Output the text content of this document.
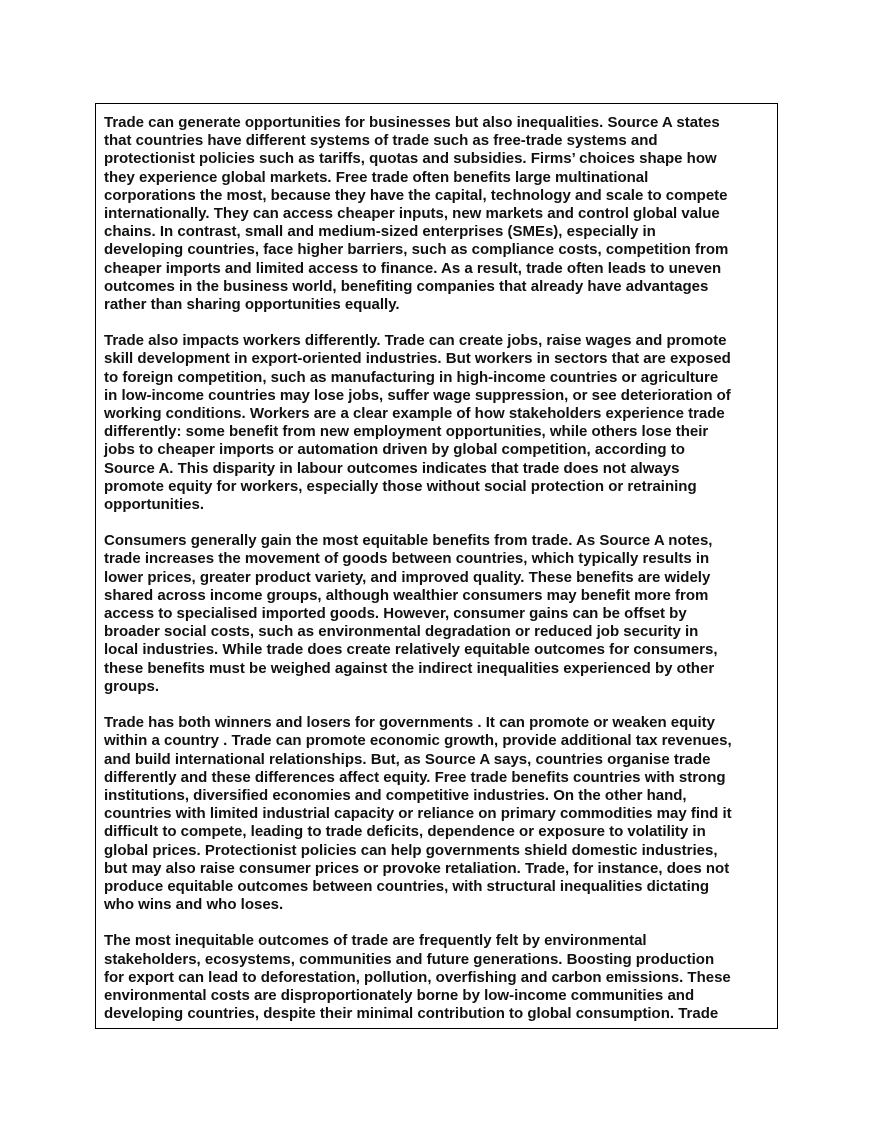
Trade can generate opportunities for businesses but also inequalities. Source A states
that countries have different systems of trade such as free-trade systems and
protectionist policies such as tariffs, quotas and subsidies. Firms’ choices shape how
they experience global markets. Free trade often benefits large multinational
corporations the most, because they have the capital, technology and scale to compete
internationally. They can access cheaper inputs, new markets and control global value
chains. In contrast, small and medium-sized enterprises (SMEs), especially in
developing countries, face higher barriers, such as compliance costs, competition from
cheaper imports and limited access to finance. As a result, trade often leads to uneven
outcomes in the business world, benefiting companies that already have advantages
rather than sharing opportunities equally.
Trade also impacts workers differently. Trade can create jobs, raise wages and promote
skill development in export-oriented industries. But workers in sectors that are exposed
to foreign competition, such as manufacturing in high‐income countries or agriculture
in low‐income countries may lose jobs, suffer wage suppression, or see deterioration of
working conditions. Workers are a clear example of how stakeholders experience trade
differently: some benefit from new employment opportunities, while others lose their
jobs to cheaper imports or automation driven by global competition, according to
Source A. This disparity in labour outcomes indicates that trade does not always
promote equity for workers, especially those without social protection or retraining
opportunities.
Consumers generally gain the most equitable benefits from trade. As Source A notes,
trade increases the movement of goods between countries, which typically results in
lower prices, greater product variety, and improved quality. These benefits are widely
shared across income groups, although wealthier consumers may benefit more from
access to specialised imported goods. However, consumer gains can be offset by
broader social costs, such as environmental degradation or reduced job security in
local industries. While trade does create relatively equitable outcomes for consumers,
these benefits must be weighed against the indirect inequalities experienced by other
groups.
Trade has both winners and losers for governments . It can promote or weaken equity
within a country . Trade can promote economic growth, provide additional tax revenues,
and build international relationships. But, as Source A says, countries organise trade
differently and these differences affect equity. Free trade benefits countries with strong
institutions, diversified economies and competitive industries. On the other hand,
countries with limited industrial capacity or reliance on primary commodities may find it
difficult to compete, leading to trade deficits, dependence or exposure to volatility in
global prices. Protectionist policies can help governments shield domestic industries,
but may also raise consumer prices or provoke retaliation. Trade, for instance, does not
produce equitable outcomes between countries, with structural inequalities dictating
who wins and who loses.
The most inequitable outcomes of trade are frequently felt by environmental
stakeholders, ecosystems, communities and future generations. Boosting production
for export can lead to deforestation, pollution, overfishing and carbon emissions. These
environmental costs are disproportionately borne by low-income communities and
developing countries, despite their minimal contribution to global consumption. Trade
